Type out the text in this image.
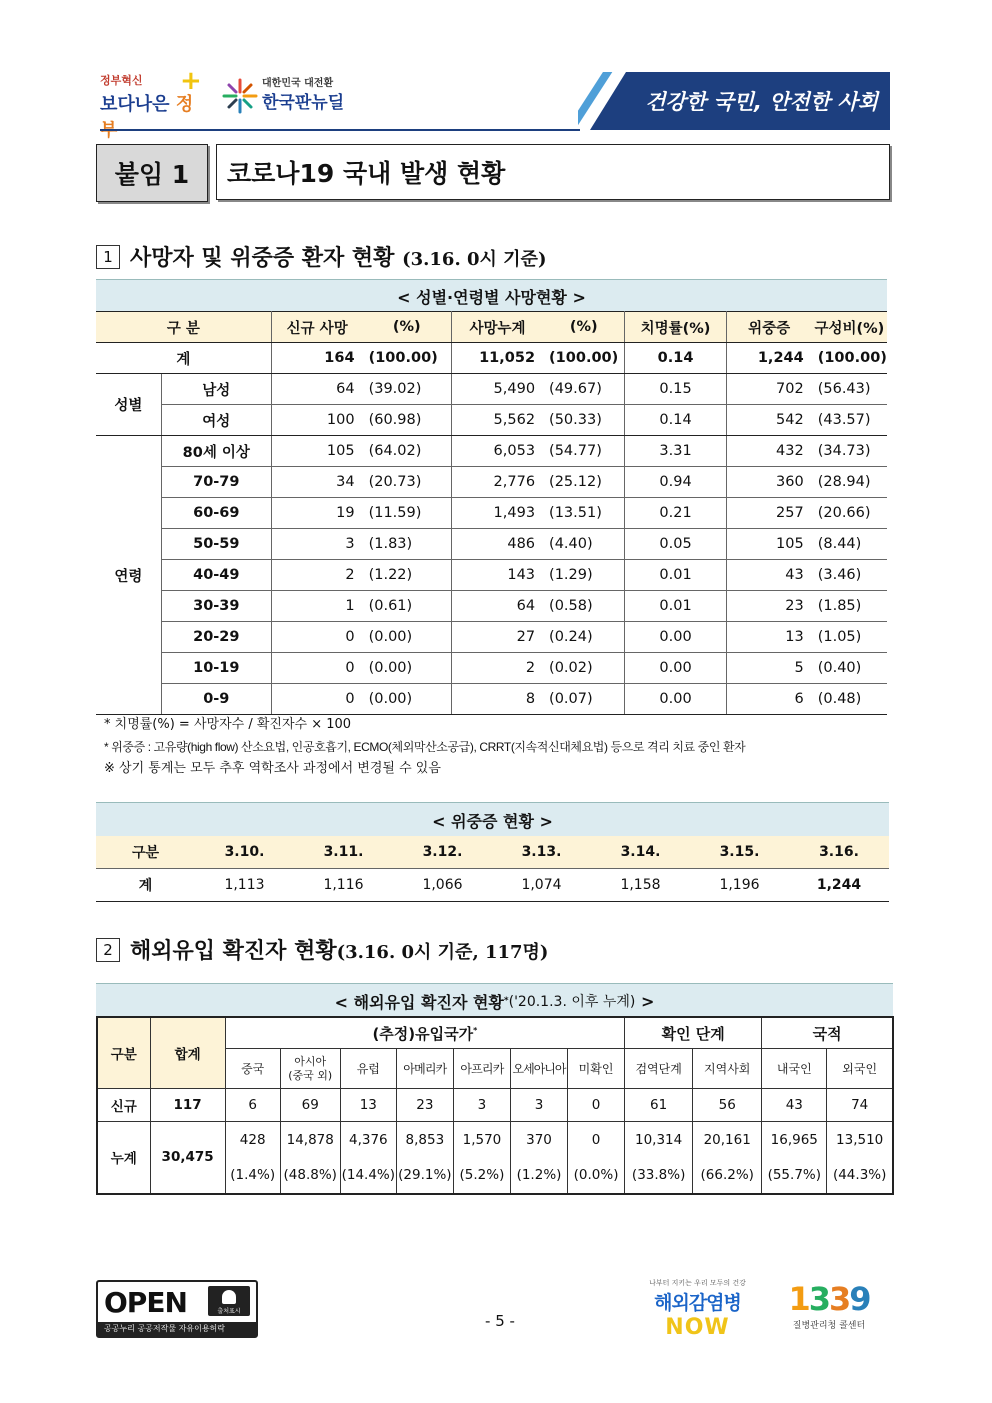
정부혁신
보다나은 정부
+	대한민국 대전환
한국판뉴딜	건강한 국민, 안전한 사회
붙임 1	코로나19 국내 발생 현황
1 사망자 및 위중증 환자 현황 (3.16. 0시 기준)
< 성별·연령별 사망현황 >
구 분		신규 사망	(%)	사망누계	(%)	치명률(%)	위중증	구성비(%)
계		164	(100.00)	11,052	(100.00)	0.14	1,244	(100.00)
성별	남성	64	(39.02)	5,490	(49.67)	0.15	702	(56.43)
	여성	100	(60.98)	5,562	(50.33)	0.14	542	(43.57)
연령	80세 이상	105	(64.02)	6,053	(54.77)	3.31	432	(34.73)
	70-79	34	(20.73)	2,776	(25.12)	0.94	360	(28.94)
	60-69	19	(11.59)	1,493	(13.51)	0.21	257	(20.66)
	50-59	3	(1.83)	486	(4.40)	0.05	105	(8.44)
	40-49	2	(1.22)	143	(1.29)	0.01	43	(3.46)
	30-39	1	(0.61)	64	(0.58)	0.01	23	(1.85)
	20-29	0	(0.00)	27	(0.24)	0.00	13	(1.05)
	10-19	0	(0.00)	2	(0.02)	0.00	5	(0.40)
	0-9	0	(0.00)	8	(0.07)	0.00	6	(0.48)
* 치명률(%) = 사망자수 / 확진자수 × 100
* 위중증 : 고유량(high flow) 산소요법, 인공호흡기, ECMO(체외막산소공급), CRRT(지속적신대체요법) 등으로 격리 치료 중인 환자
※ 상기 통계는 모두 추후 역학조사 과정에서 변경될 수 있음
< 위중증 현황 >
구분	3.10.	3.11.	3.12.	3.13.	3.14.	3.15.	3.16.
계	1,113	1,116	1,066	1,074	1,158	1,196	1,244
2 해외유입 확진자 현황(3.16. 0시 기준, 117명)
< 해외유입 확진자 현황 * ('20.1.3. 이후 누계)
>
구분	합계	(추정)유입국가*							확인 단계		국적	
		중국	아시아
(중국 외)	유럽	아메리카	아프리카	오세아니아	미확인	검역단계	지역사회	내국인	외국인
신규	117	6	69	13	23	3	3	0	61	56	43	74
누계	30,475	428	14,878	4,376	8,853	1,570	370	0	10,314	20,161	16,965	13,510
		(1.4%)	(48.8%)	(14.4%)	(29.1%)	(5.2%)	(1.2%)	(0.0%)	(33.8%)	(66.2%)	(55.7%)	(44.3%)
OPEN	출처표시
공공누리 공공저작물 자유이용허락	- 5 -
나부터 지키는 우리 모두의 건강
해외감염병
NOW
1339
질병관리청 콜센터
